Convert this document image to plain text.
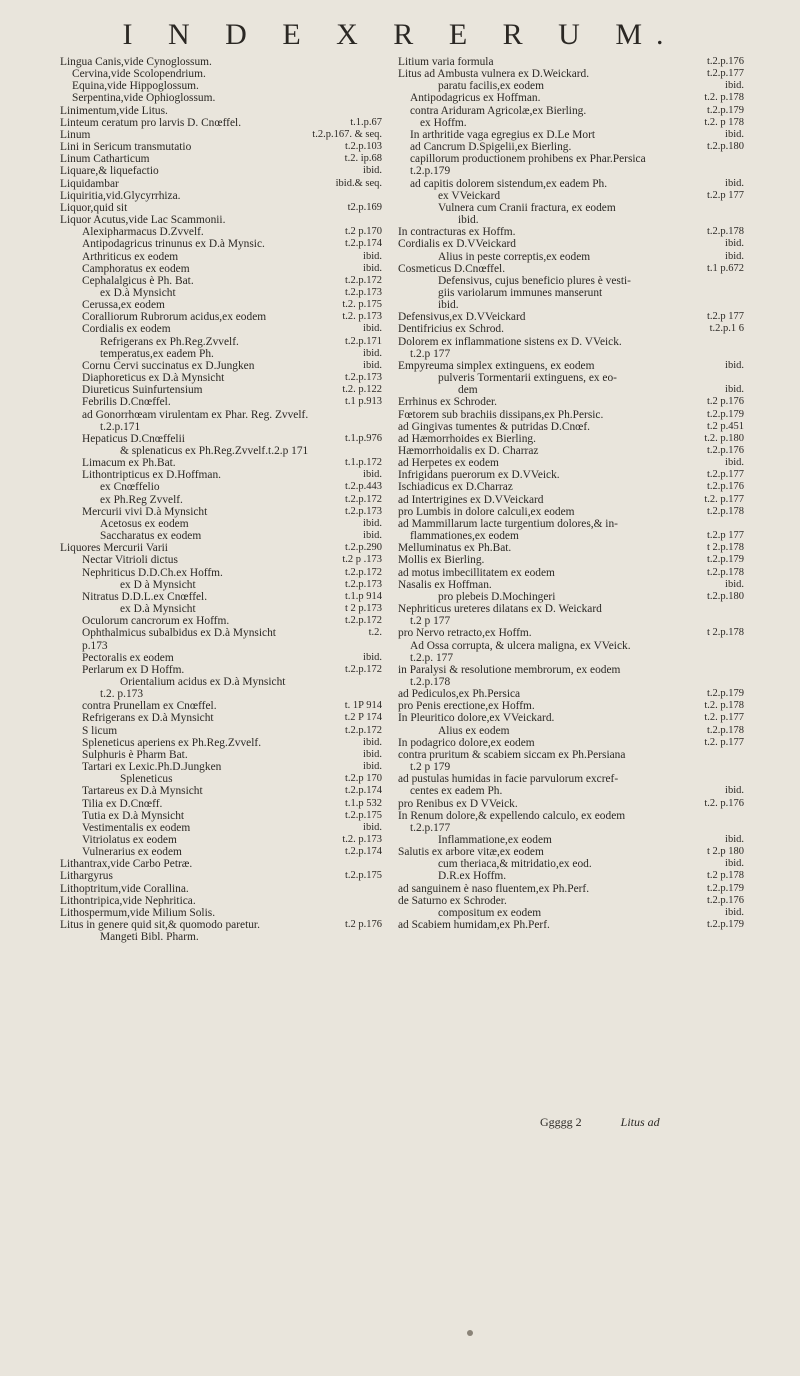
I N D E X R E R U M.
Lingua Canis,vide Cynoglossum.
Cervina,vide Scolopendrium.
Equina,vide Hippoglossum.
Serpentina,vide Ophioglossum.
Linimentum,vide Litus.
Linteum ceratum pro larvis D. Cnœffel.	t.1.p.67
Linum	t.2.p.167. & seq.
Lini in Sericum transmutatio	t.2.p.103
Linum Catharticum	t.2. ip.68
Liquare,& liquefactio	ibid.
Liquidambar	ibid.& seq.
Liquiritia,vid.Glycyrrhiza.
Liquor,quid sit	t2.p.169
Liquor Acutus,vide Lac Scammonii.
Alexipharmacus D.Zvvelf.	t.2 p.170
Antipodagricus trinunus ex D.à Mynsic.	t.2.p.174
Arthriticus ex eodem	ibid.
Camphoratus ex eodem	ibid.
Cephalalgicus è Ph. Bat.	t.2.p.172
ex D.à Mynsicht	t.2.p.173
Cerussa,ex eodem	t.2. p.175
Coralliorum Rubrorum acidus,ex eodem	t.2. p.173
Cordialis ex eodem	ibid.
Refrigerans ex Ph.Reg.Zvvelf.	t.2.p.171
temperatus,ex eadem Ph.	ibid.
Cornu Cervi succinatus ex D.Jungken	ibid.
Diaphoreticus ex D.à Mynsicht	t.2.p.173
Diureticus Suinfurtensium	t.2. p.122
Febrilis D.Cnœffel.	t.1 p.913
ad Gonorrhœam virulentam ex Phar. Reg. Zvvelf.
t.2.p.171
Hepaticus D.Cnœffelii	t.1.p.976
& splenaticus ex Ph.Reg.Zvvelf.t.2.p 171
Limacum ex Ph.Bat.	t.1.p.172
Lithontripticus ex D.Hoffman.	ibid.
ex Cnœffelio	t.2.p.443
ex Ph.Reg Zvvelf.	t.2.p.172
Mercurii vivi D.à Mynsicht	t.2.p.173
Acetosus ex eodem	ibid.
Saccharatus ex eodem	ibid.
Liquores Mercurii Varii	t.2.p.290
Nectar Vitrioli dictus	t.2 p .173
Nephriticus D.D.Ch.ex Hoffm.	t.2.p.172
ex D à Mynsicht	t.2.p.173
Nitratus D.D.L.ex Cnœffel.	t.1.p 914
ex D.à Mynsicht	t 2 p.173
Oculorum cancrorum ex Hoffm.	t.2.p.172
Ophthalmicus subalbidus ex D.à Mynsicht	t.2.
p.173
Pectoralis ex eodem	ibid.
Perlarum ex D Hoffm.	t.2.p.172
Orientalium acidus ex D.à Mynsicht
t.2. p.173
contra Prunellam ex Cnœffel.	t. 1P 914
Refrigerans ex D.à Mynsicht	t.2 P 174
S licum	t.2.p.172
Spleneticus aperiens ex Ph.Reg.Zvvelf.	ibid.
Sulphuris è Pharm Bat.	ibid.
Tartari ex Lexic.Ph.D.Jungken	ibid.
Spleneticus	t.2.p 170
Tartareus ex D.à Mynsicht	t.2.p.174
Tilia ex D.Cnœff.	t.1.p 532
Tutia ex D.à Mynsicht	t.2.p.175
Vestimentalis ex eodem	ibid.
Vitriolatus ex eodem	t.2. p.173
Vulnerarius ex eodem	t.2.p.174
Lithantrax,vide Carbo Petræ.
Lithargyrus	t.2.p.175
Lithoptritum,vide Corallina.
Lithontripica,vide Nephritica.
Lithospermum,vide Milium Solis.
Litus in genere quid sit,& quomodo paretur.	t.2 p.176
Mangeti Bibl. Pharm.
Litium varia formula	t.2.p.176
Litus ad Ambusta vulnera ex D.Weickard.	t.2.p.177
paratu facilis,ex eodem	ibid.
Antipodagricus ex Hoffman.	t.2. p.178
contra Ariduram Agricolæ,ex Bierling.	t.2.p.179
ex Hoffm.	t.2. p 178
In arthritide vaga egregius ex D.Le Mort	ibid.
ad Cancrum D.Spigelii,ex Bierling.	t.2.p.180
capillorum productionem prohibens ex Phar.Persica
t.2.p.179
ad capitis dolorem sistendum,ex eadem Ph.	ibid.
ex VVeickard	t.2.p 177
Vulnera cum Cranii fractura, ex eodem
ibid.
In contracturas ex Hoffm.	t.2.p.178
Cordialis ex D.VVeickard	ibid.
Alius in peste correptis,ex eodem	ibid.
Cosmeticus D.Cnœffel.	t.1 p.672
Defensivus, cujus beneficio plures è vesti-
giis variolarum immunes manserunt
ibid.
Defensivus,ex D.VVeickard	t.2.p 177
Dentifricius ex Schrod.	t.2.p.1 6
Dolorem ex inflammatione sistens ex D. VVeick.
t.2.p 177
Empyreuma simplex extinguens, ex eodem	ibid.
pulveris Tormentarii extinguens, ex eo-
dem	ibid.
Errhinus ex Schroder.	t.2 p.176
Fœtorem sub brachiis dissipans,ex Ph.Persic.	t.2.p.179
ad Gingivas tumentes & putridas D.Cnœf.	t.2 p.451
ad Hæmorrhoides ex Bierling.	t.2. p.180
Hæmorrhoidalis ex D. Charraz	t.2.p.176
ad Herpetes ex eodem	ibid.
Infrigidans puerorum ex D.VVeick.	t.2.p.177
Ischiadicus ex D.Charraz	t.2.p.176
ad Intertrigines ex D.VVeickard	t.2. p.177
pro Lumbis in dolore calculi,ex eodem	t.2.p.178
ad Mammillarum lacte turgentium dolores,& in-
flammationes,ex eodem	t.2.p 177
Melluminatus ex Ph.Bat.	t 2.p.178
Mollis ex Bierling.	t.2.p.179
ad motus imbecillitatem ex eodem	t.2.p.178
Nasalis ex Hoffman.	ibid.
pro plebeis D.Mochingeri	t.2.p.180
Nephriticus ureteres dilatans ex D. Weickard
t.2 p 177
pro Nervo retracto,ex Hoffm.	t 2.p.178
Ad Ossa corrupta, & ulcera maligna, ex VVeick.
t.2.p. 177
in Paralysi & resolutione membrorum, ex eodem
t.2.p.178
ad Pediculos,ex Ph.Persica	t.2.p.179
pro Penis erectione,ex Hoffm.	t.2. p.178
In Pleuritico dolore,ex VVeickard.	t.2. p.177
Alius ex eodem	t.2.p.178
In podagrico dolore,ex eodem	t.2. p.177
contra pruritum & scabiem siccam ex Ph.Persiana
t.2 p 179
ad pustulas humidas in facie parvulorum excref-
centes ex eadem Ph.	ibid.
pro Renibus ex D VVeick.	t.2. p.176
In Renum dolore,& expellendo calculo, ex eodem
t.2.p.177
Inflammatione,ex eodem	ibid.
Salutis ex arbore vitæ,ex eodem	t 2.p 180
cum theriaca,& mitridatio,ex eod.	ibid.
D.R.ex Hoffm.	t.2 p.178
ad sanguinem è naso fluentem,ex Ph.Perf.	t.2.p.179
de Saturno ex Schroder.	t.2.p.176
compositum ex eodem	ibid.
ad Scabiem humidam,ex Ph.Perf.	t.2.p.179
Ggggg 2	Litus ad
